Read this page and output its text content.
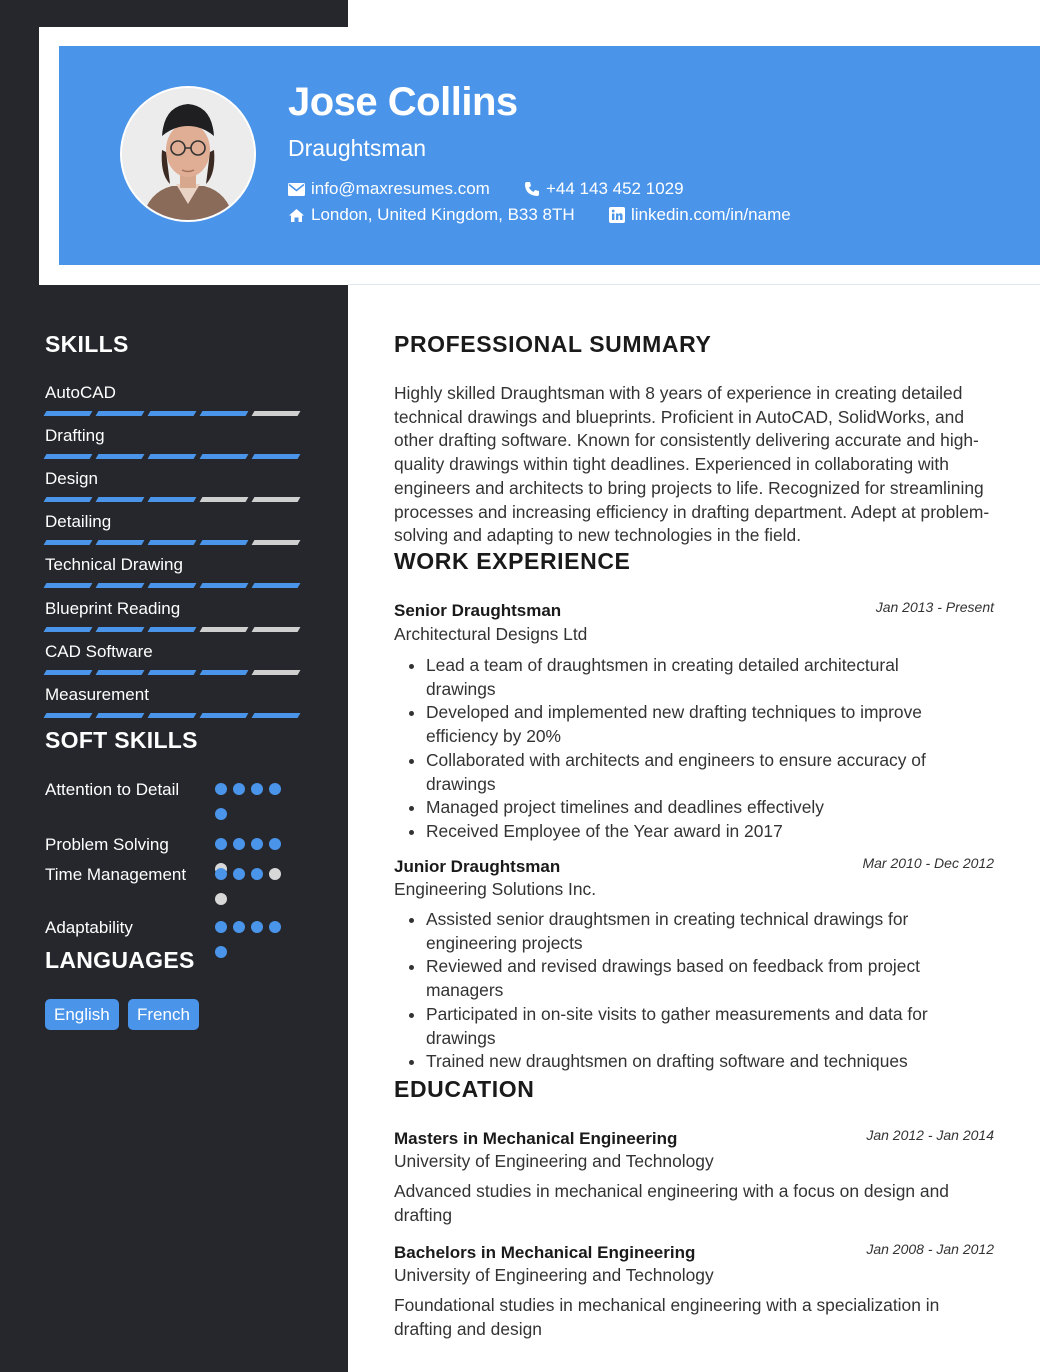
Jose Collins
Draughtsman
info@maxresumes.com	+44 143 452 1029
London, United Kingdom, B33 8TH	linkedin.com/in/name
SKILLS
AutoCAD
Drafting
Design
Detailing
Technical Drawing
Blueprint Reading
CAD Software
Measurement
SOFT SKILLS
Attention to Detail
Problem Solving
Time Management
Adaptability
LANGUAGES
English	French
PROFESSIONAL SUMMARY
Highly skilled Draughtsman with 8 years of experience in creating detailed technical drawings and blueprints. Proficient in AutoCAD, SolidWorks, and other drafting software. Known for consistently delivering accurate and high-quality drawings within tight deadlines. Experienced in collaborating with engineers and architects to bring projects to life. Recognized for streamlining processes and increasing efficiency in drafting department. Adept at problem-solving and adapting to new technologies in the field.
WORK EXPERIENCE
Senior Draughtsman	Jan 2013 - Present
Architectural Designs Ltd
• Lead a team of draughtsmen in creating detailed architectural drawings
• Developed and implemented new drafting techniques to improve efficiency by 20%
• Collaborated with architects and engineers to ensure accuracy of drawings
• Managed project timelines and deadlines effectively
• Received Employee of the Year award in 2017
Junior Draughtsman	Mar 2010 - Dec 2012
Engineering Solutions Inc.
• Assisted senior draughtsmen in creating technical drawings for engineering projects
• Reviewed and revised drawings based on feedback from project managers
• Participated in on-site visits to gather measurements and data for drawings
• Trained new draughtsmen on drafting software and techniques
EDUCATION
Masters in Mechanical Engineering	Jan 2012 - Jan 2014
University of Engineering and Technology
Advanced studies in mechanical engineering with a focus on design and drafting
Bachelors in Mechanical Engineering	Jan 2008 - Jan 2012
University of Engineering and Technology
Foundational studies in mechanical engineering with a specialization in drafting and design
